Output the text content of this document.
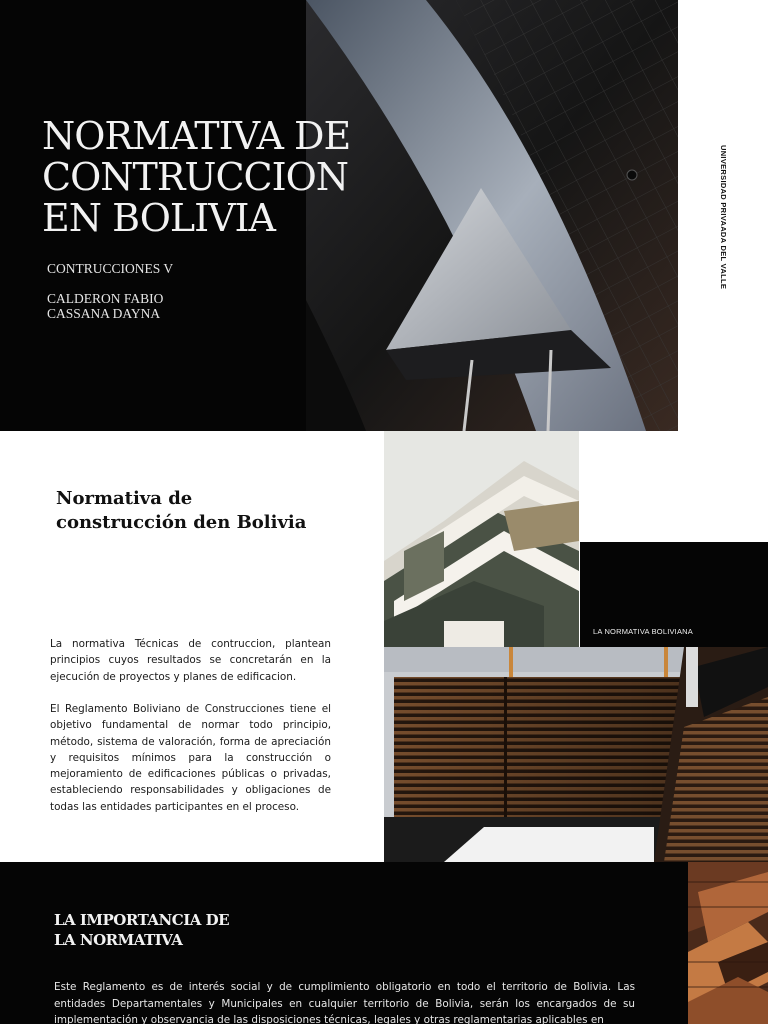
NORMATIVA DE
CONTRUCCION
EN BOLIVIA
CONTRUCCIONES V
CALDERON FABIO
CASSANA DAYNA
UNIVERSIDAD PRIVAADA DEL VALLE
Normativa de
construcción den Bolivia

La normativa Técnicas de contruccion, plantean principios cuyos resultados se concretarán en la ejecución de proyectos y planes de edificacion.

El Reglamento Boliviano de Construcciones tiene el objetivo fundamental de normar todo principio, método, sistema de valoración, forma de apreciación y requisitos mínimos para la construcción o mejoramiento de edificaciones públicas o privadas, estableciendo responsabilidades y obligaciones de todas las entidades participantes en el proceso.

LA NORMATIVA BOLIVIANA
LA IMPORTANCIA DE
LA NORMATIVA

Este Reglamento es de interés social y de cumplimiento obligatorio en todo el territorio de Bolivia. Las entidades Departamentales y Municipales en cualquier territorio de Bolivia, serán los encargados de su implementación y observancia de las disposiciones técnicas, legales y otras reglamentarias aplicables en
